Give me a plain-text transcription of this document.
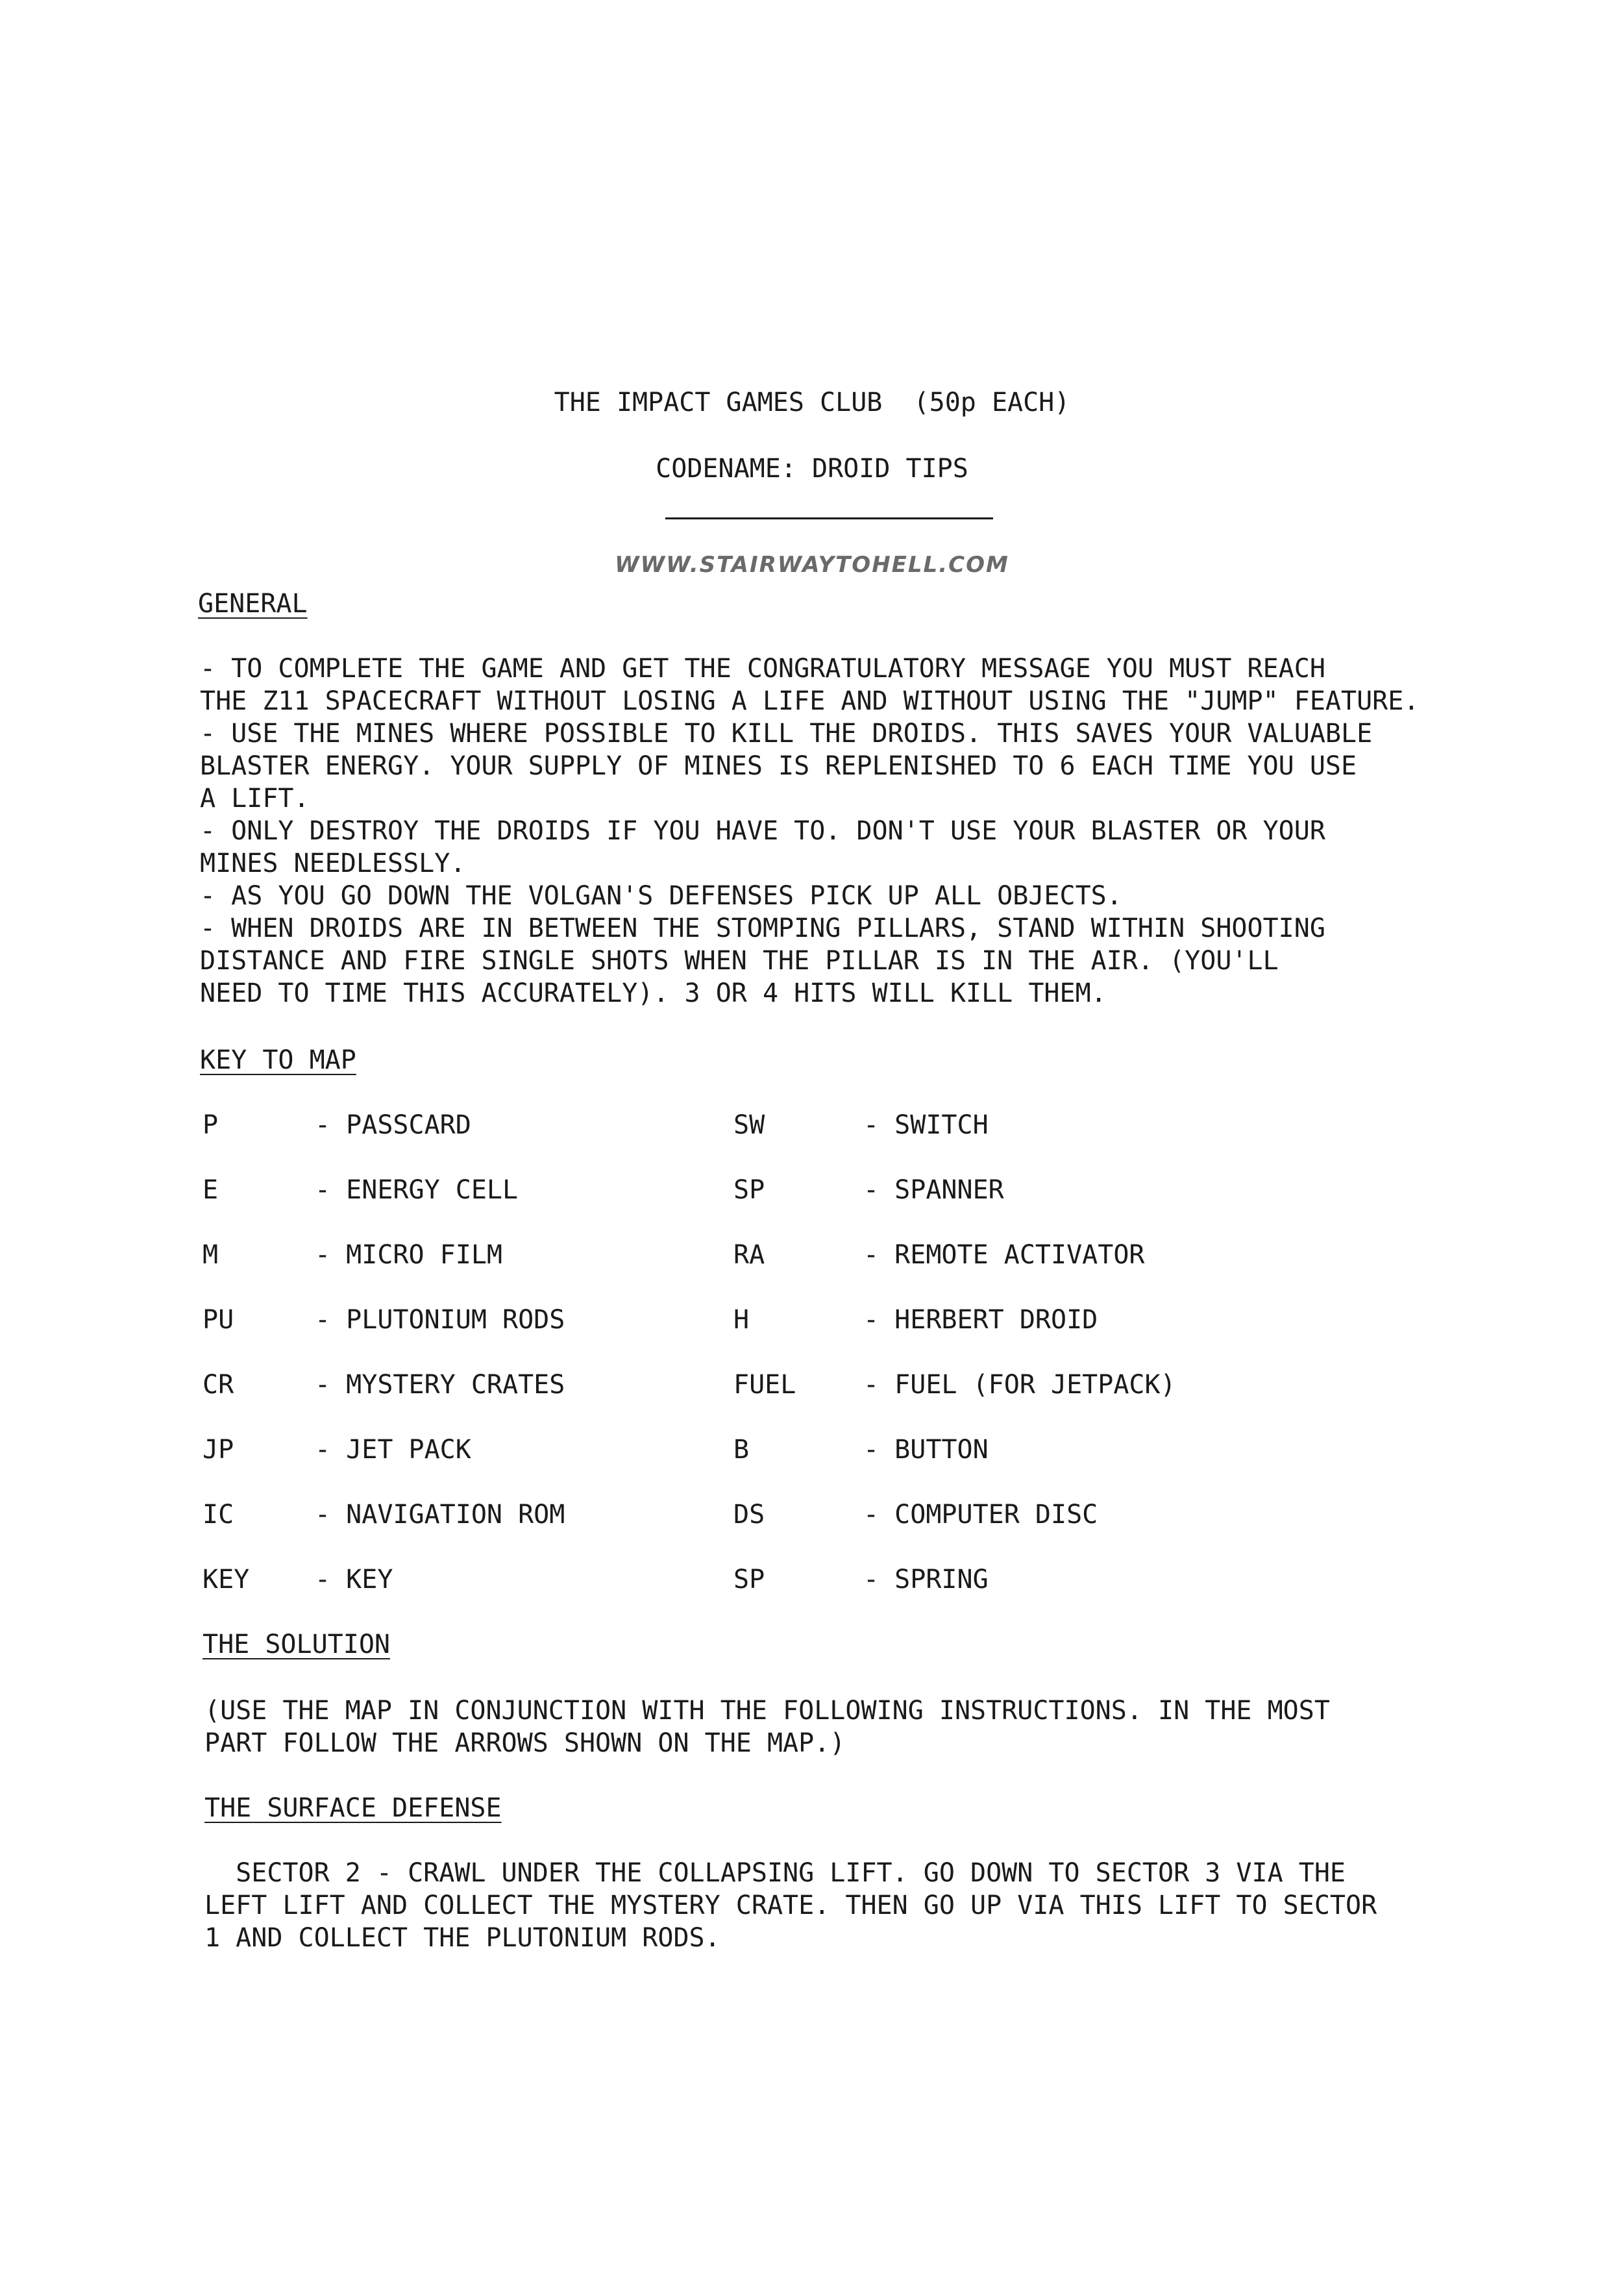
THE IMPACT GAMES CLUB  (50p EACH)
CODENAME: DROID TIPS
WWW.STAIRWAYTOHELL.COM
GENERAL
- TO COMPLETE THE GAME AND GET THE CONGRATULATORY MESSAGE YOU MUST REACH
THE Z11 SPACECRAFT WITHOUT LOSING A LIFE AND WITHOUT USING THE "JUMP" FEATURE.
- USE THE MINES WHERE POSSIBLE TO KILL THE DROIDS. THIS SAVES YOUR VALUABLE
BLASTER ENERGY. YOUR SUPPLY OF MINES IS REPLENISHED TO 6 EACH TIME YOU USE
A LIFT.
- ONLY DESTROY THE DROIDS IF YOU HAVE TO. DON'T USE YOUR BLASTER OR YOUR
MINES NEEDLESSLY.
- AS YOU GO DOWN THE VOLGAN'S DEFENSES PICK UP ALL OBJECTS.
- WHEN DROIDS ARE IN BETWEEN THE STOMPING PILLARS, STAND WITHIN SHOOTING
DISTANCE AND FIRE SINGLE SHOTS WHEN THE PILLAR IS IN THE AIR. (YOU'LL
NEED TO TIME THIS ACCURATELY). 3 OR 4 HITS WILL KILL THEM.
KEY TO MAP
P	- PASSCARD	SW	- SWITCH
E	- ENERGY CELL	SP	- SPANNER
M	- MICRO FILM	RA	- REMOTE ACTIVATOR
PU	- PLUTONIUM RODS	H	- HERBERT DROID
CR	- MYSTERY CRATES	FUEL	- FUEL (FOR JETPACK)
JP	- JET PACK	B	- BUTTON
IC	- NAVIGATION ROM	DS	- COMPUTER DISC
KEY	- KEY	SP	- SPRING
THE SOLUTION
(USE THE MAP IN CONJUNCTION WITH THE FOLLOWING INSTRUCTIONS. IN THE MOST
PART FOLLOW THE ARROWS SHOWN ON THE MAP.)
THE SURFACE DEFENSE
SECTOR 2 - CRAWL UNDER THE COLLAPSING LIFT. GO DOWN TO SECTOR 3 VIA THE
LEFT LIFT AND COLLECT THE MYSTERY CRATE. THEN GO UP VIA THIS LIFT TO SECTOR
1 AND COLLECT THE PLUTONIUM RODS.
